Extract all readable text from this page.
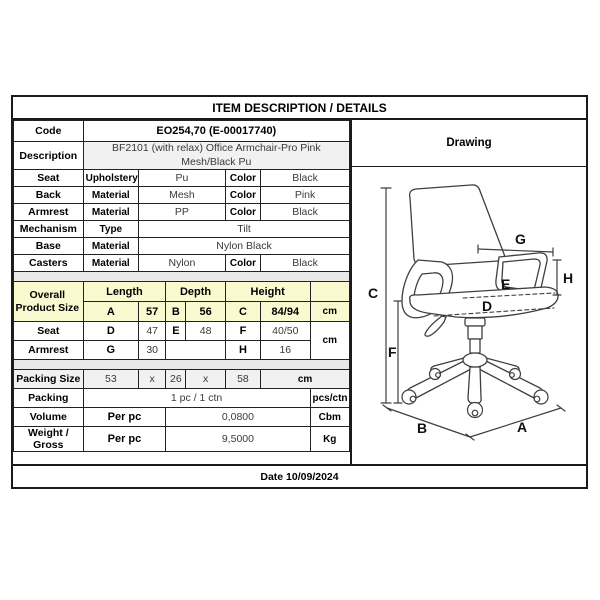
ITEM DESCRIPTION / DETAILS
Code	EO254,70 (E-00017740)						
Description	BF2101 (with relax) Office Armchair-Pro Pink Mesh/Black Pu						
Seat	Upholstery	Pu			Color	Black	
Back	Material	Mesh			Color	Pink	
Armrest	Material	PP			Color	Black	
Mechanism	Type	Tilt					
Base	Material	Nylon Black					
Casters	Material	Nylon			Color	Black	

Overall Product Size	Length		Depth		Height		
	A	57	B	56	C	84/94	cm
Seat	D	47	E	48	F	40/50	cm
Armrest	G	30			H	16	

Packing Size	53	x	26	x	58	cm	
Packing	1 pc / 1 ctn						pcs/ctn
Volume	Per pc		0,0800				Cbm
Weight / Gross	Per pc		9,5000				Kg
Drawing
C
F
G
H
E
D
B	A
Date 10/09/2024
